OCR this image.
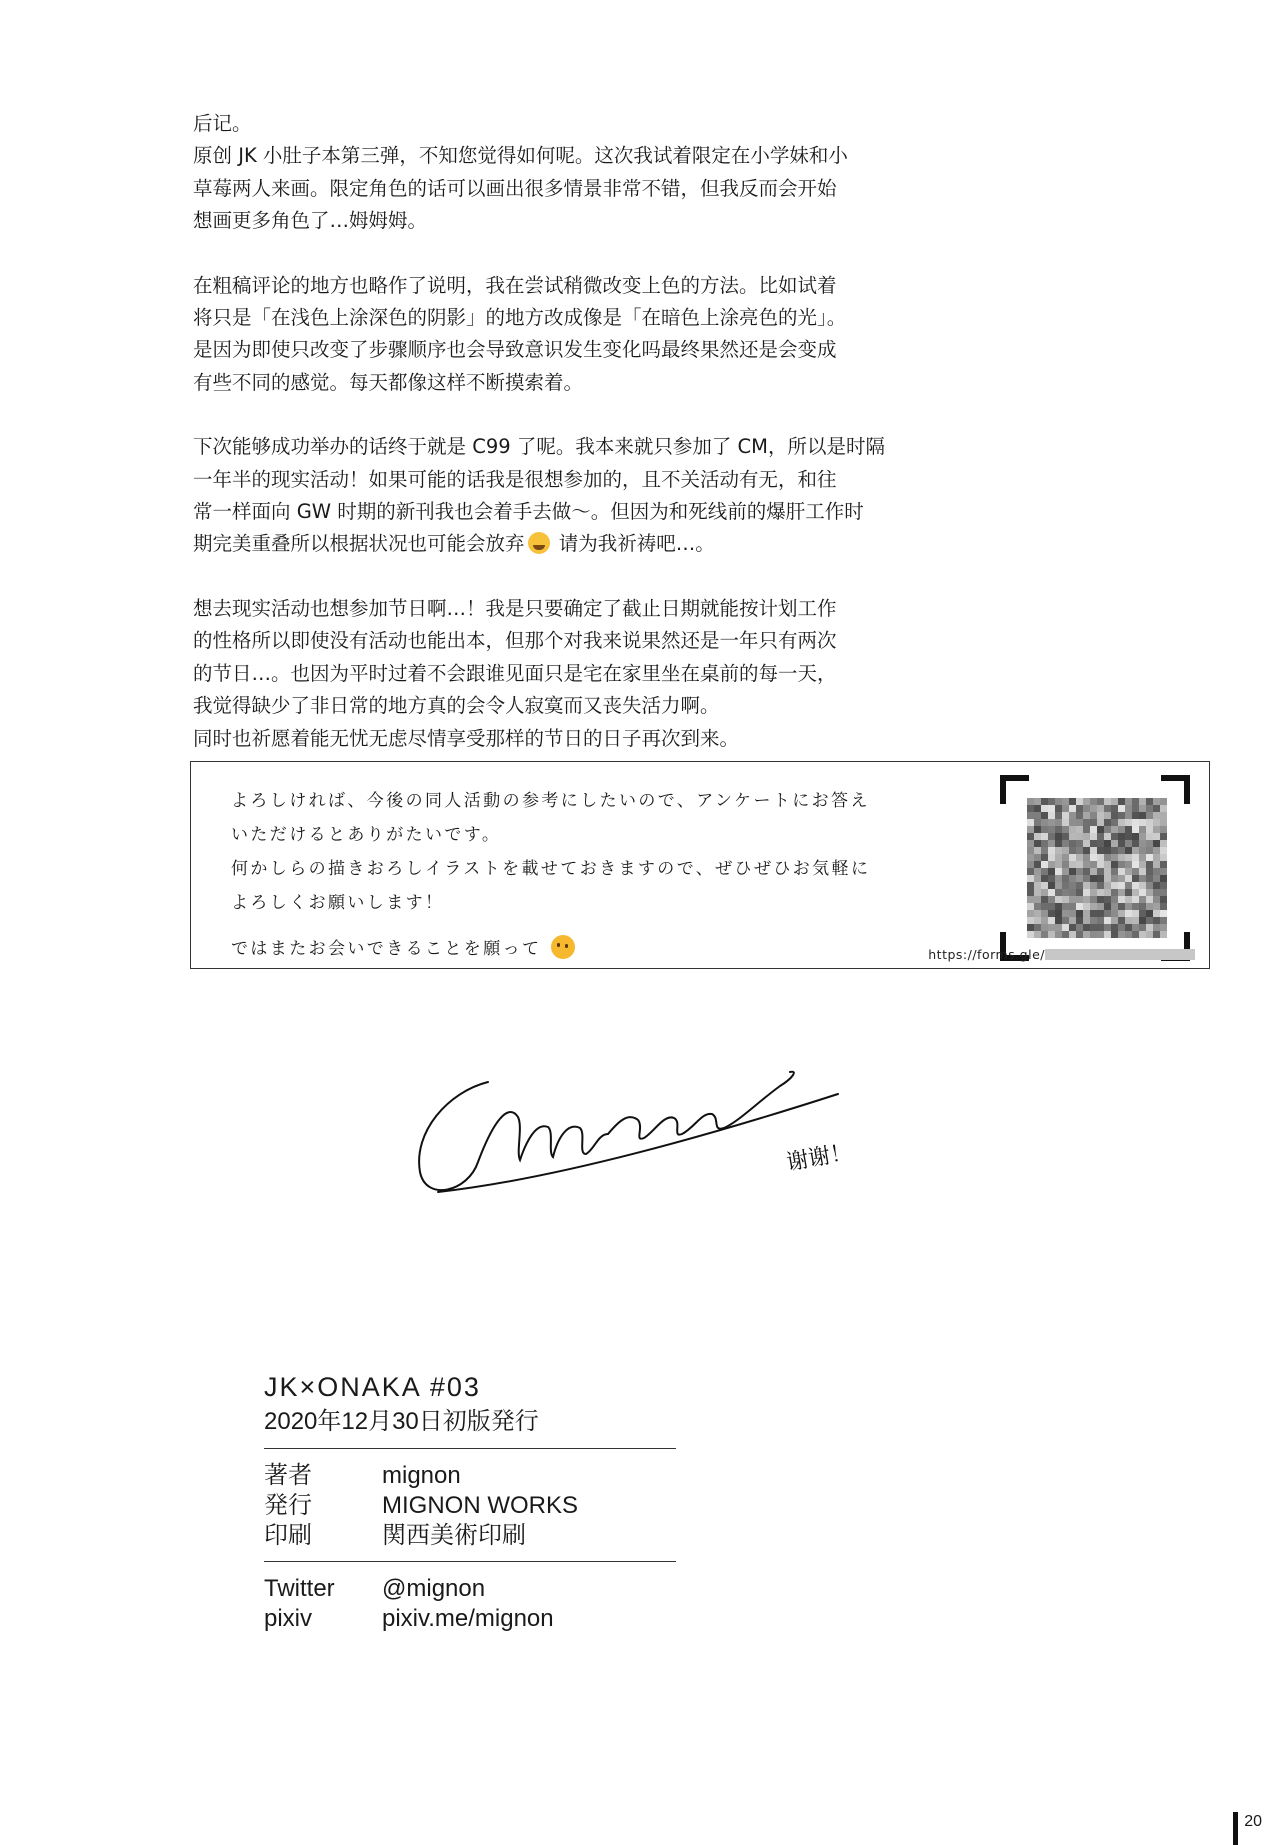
后记。
原创 JK 小肚子本第三弹，不知您觉得如何呢。这次我试着限定在小学妹和小
草莓两人来画。限定角色的话可以画出很多情景非常不错，但我反而会开始
想画更多角色了…姆姆姆。

在粗稿评论的地方也略作了说明，我在尝试稍微改变上色的方法。比如试着
将只是「在浅色上涂深色的阴影」的地方改成像是「在暗色上涂亮色的光」。
是因为即使只改变了步骤顺序也会导致意识发生变化吗最终果然还是会变成
有些不同的感觉。每天都像这样不断摸索着。

下次能够成功举办的话终于就是 C99 了呢。我本来就只参加了 CM，所以是时隔
一年半的现实活动！如果可能的话我是很想参加的，且不关活动有无，和往
常一样面向 GW 时期的新刊我也会着手去做～。但因为和死线前的爆肝工作时
期完美重叠所以根据状况也可能会放弃 请为我祈祷吧…。

想去现实活动也想参加节日啊…！我是只要确定了截止日期就能按计划工作
的性格所以即使没有活动也能出本，但那个对我来说果然还是一年只有两次
的节日…。也因为平时过着不会跟谁见面只是宅在家里坐在桌前的每一天，
我觉得缺少了非日常的地方真的会令人寂寞而又丧失活力啊。
同时也祈愿着能无忧无虑尽情享受那样的节日的日子再次到来。

よろしければ、今後の同人活動の参考にしたいので、アンケートにお答え
いただけるとありがたいです。
何かしらの描きおろしイラストを載せておきますので、ぜひぜひお気軽に
よろしくお願いします！
ではまたお会いできることを願って	https://forms.gle/
mignon
谢谢！
JK×ONAKA #03
2020年12月30日初版発行
著者	mignon
発行	MIGNON WORKS
印刷	関西美術印刷
Twitter	@mignon
pixiv	pixiv.me/mignon
20
